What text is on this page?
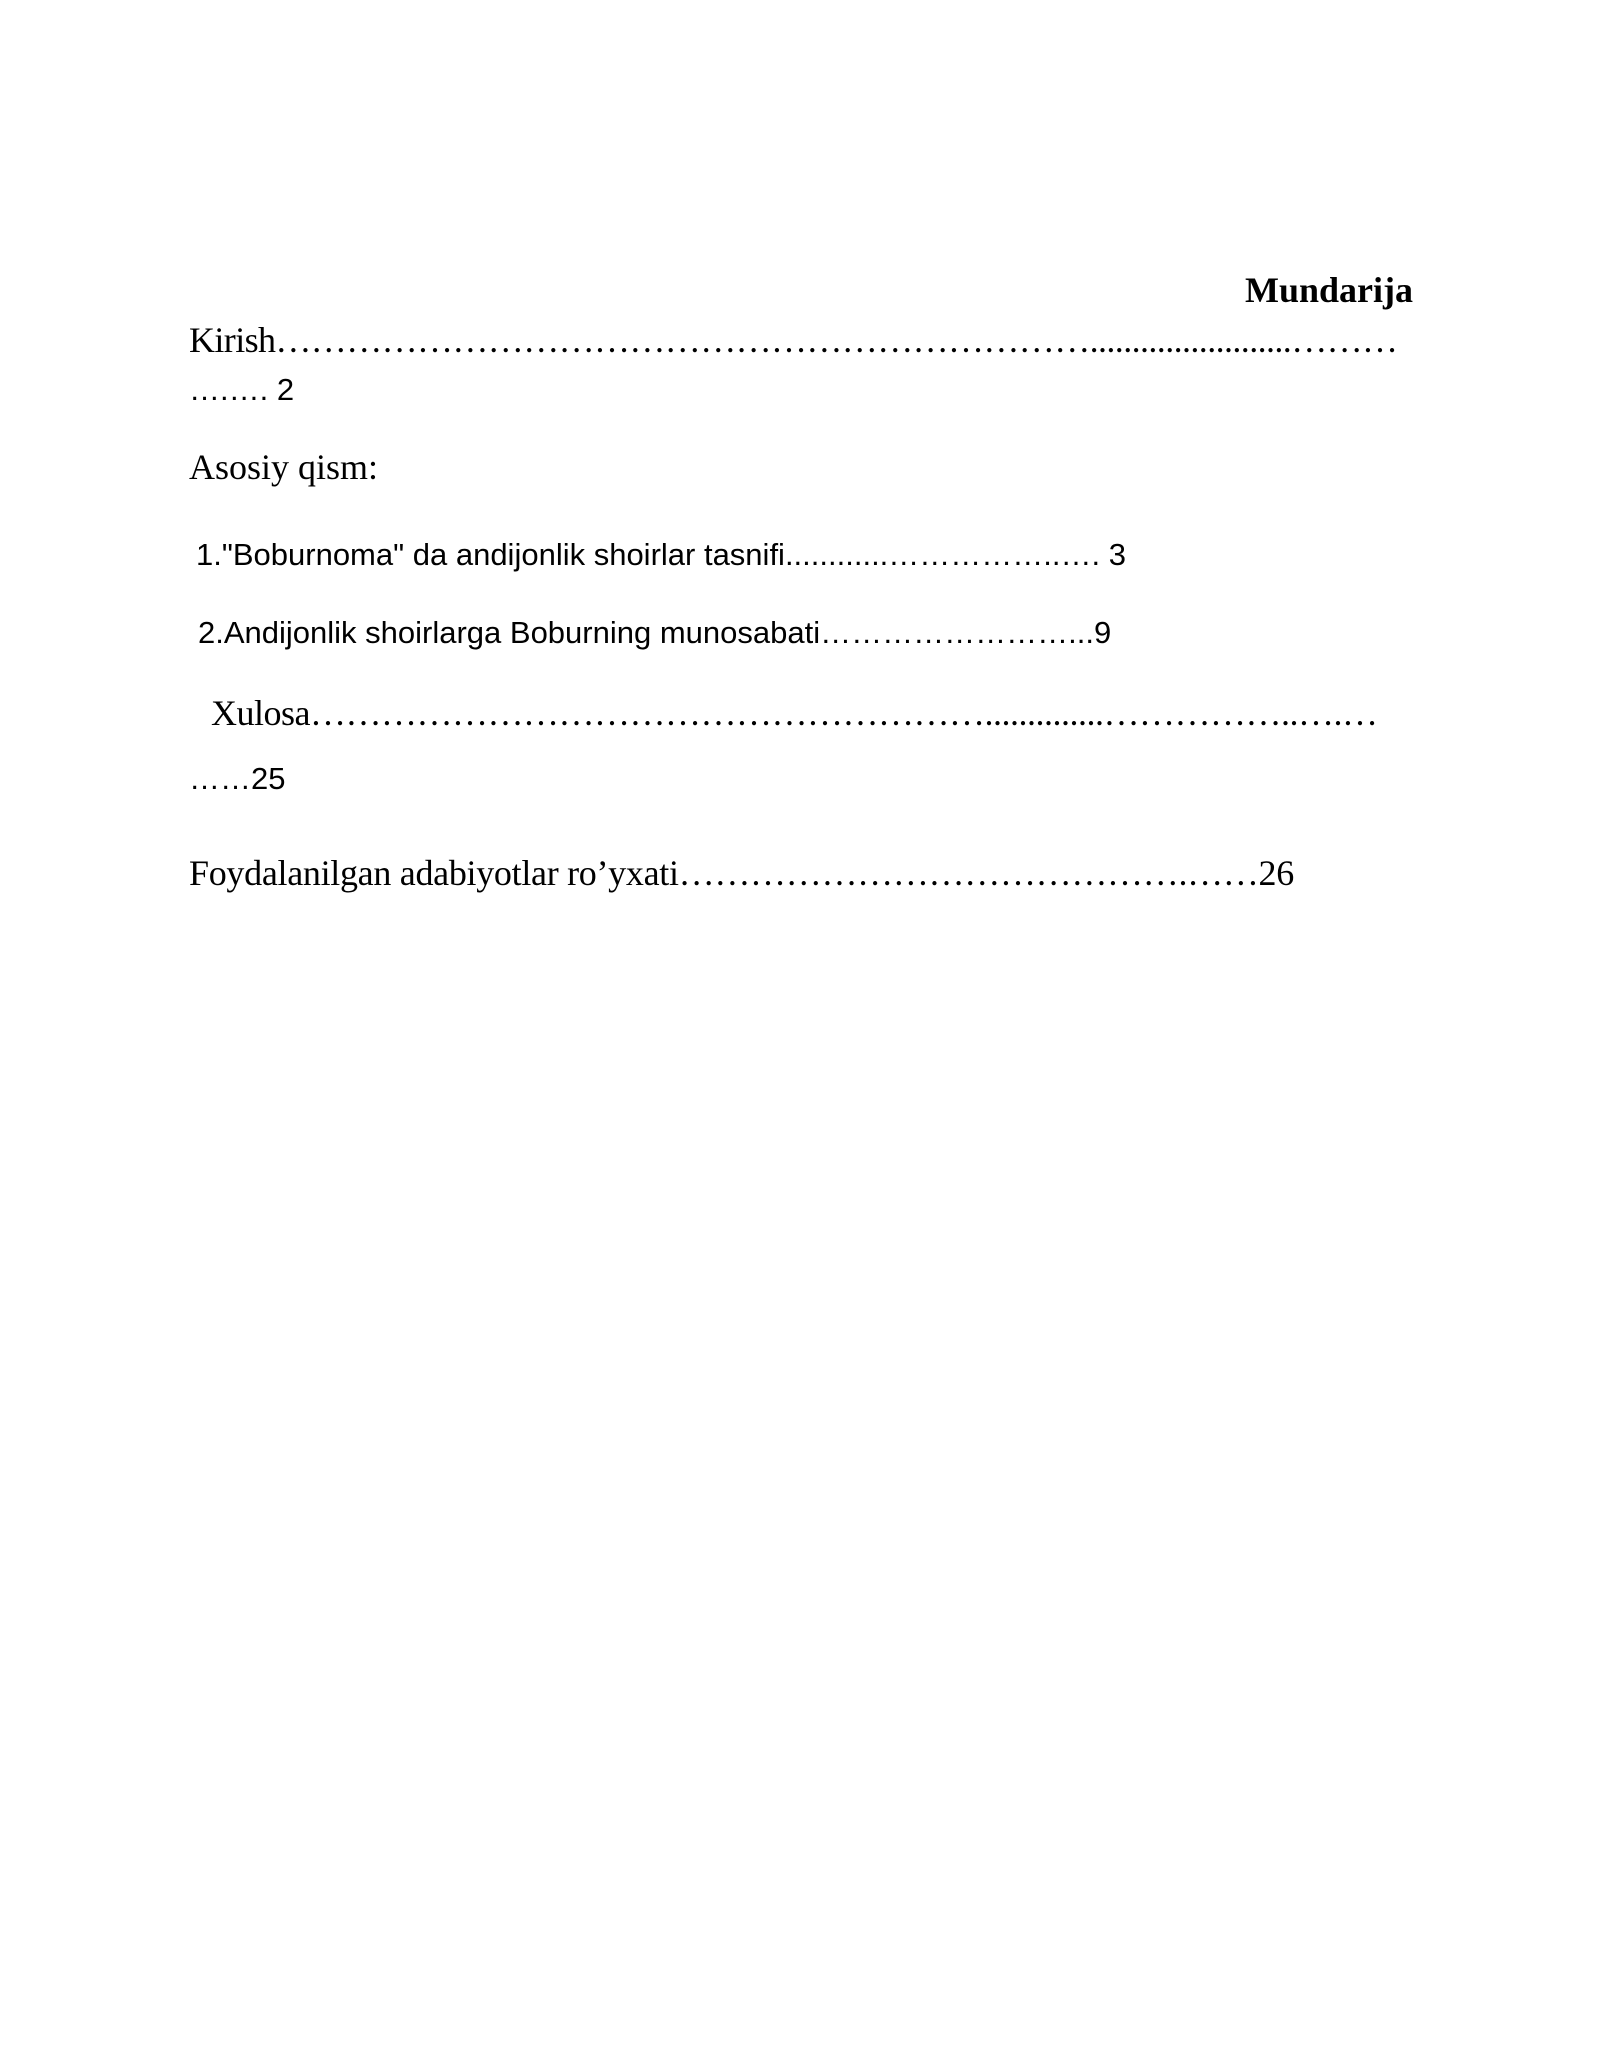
Mundarija
Kirish……………………………………………………………........................………
….…. 2
Asosiy qism:
1."Boburnoma" da andijonlik shoirlar tasnifi............……………..…. 3
2.Andijonlik shoirlarga Boburning munosabati……………………...9
Xulosa…………………………………………………..............……………..….…
……25
Foydalanilgan adabiyotlar ro’yxati…………………………………….……26
